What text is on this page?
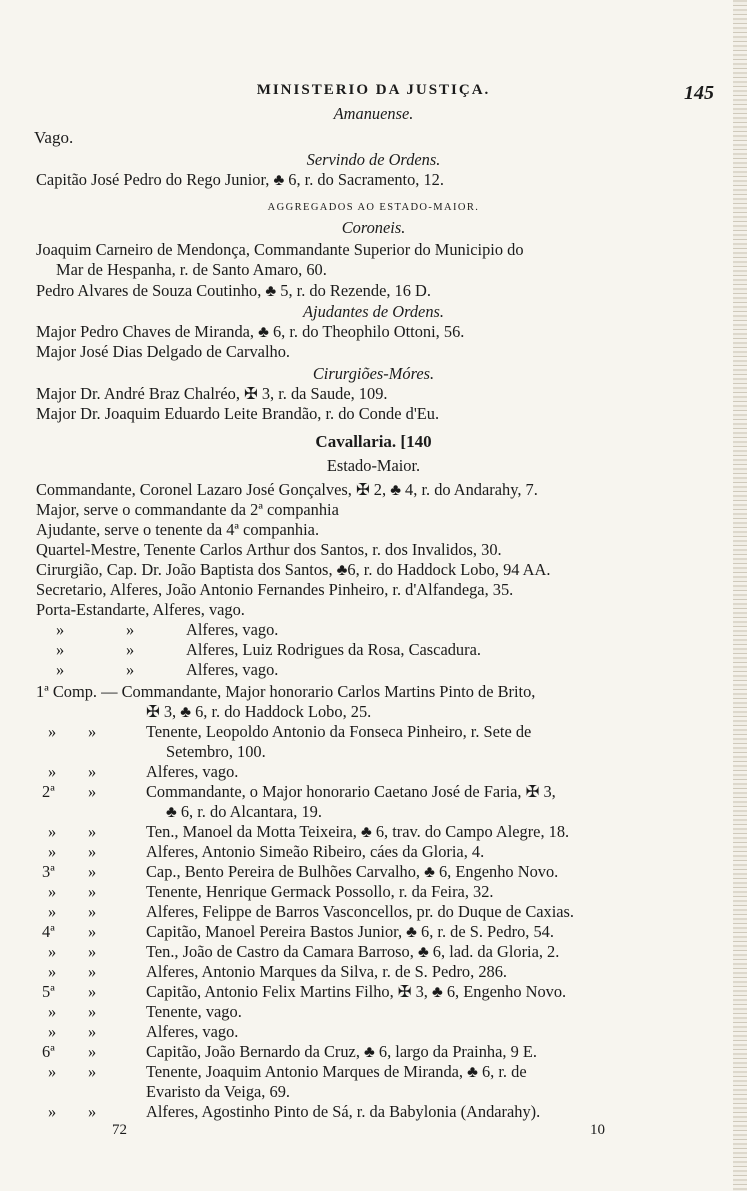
MINISTERIO DA JUSTIÇA.	145
Amanuense.
Vago.
Servindo de Ordens.
Capitão José Pedro do Rego Junior, ♣ 6, r. do Sacramento, 12.
AGGREGADOS AO ESTADO-MAIOR.
Coroneis.
Joaquim Carneiro de Mendonça, Commandante Superior do Municipio do
Mar de Hespanha, r. de Santo Amaro, 60.
Pedro Alvares de Souza Coutinho, ♣ 5, r. do Rezende, 16 D.
Ajudantes de Ordens.
Major Pedro Chaves de Miranda, ♣ 6, r. do Theophilo Ottoni, 56.
Major José Dias Delgado de Carvalho.
Cirurgiões-Móres.
Major Dr. André Braz Chalréo, ✠ 3, r. da Saude, 109.
Major Dr. Joaquim Eduardo Leite Brandão, r. do Conde d'Eu.
Cavallaria. [140
Estado-Maior.
Commandante, Coronel Lazaro José Gonçalves, ✠ 2, ♣ 4, r. do Andarahy, 7.
Major, serve o commandante da 2ª companhia
Ajudante, serve o tenente da 4ª companhia.
Quartel-Mestre, Tenente Carlos Arthur dos Santos, r. dos Invalidos, 30.
Cirurgião, Cap. Dr. João Baptista dos Santos, ♣6, r. do Haddock Lobo, 94 AA.
Secretario, Alferes, João Antonio Fernandes Pinheiro, r. d'Alfandega, 35.
Porta-Estandarte, Alferes, vago.
»	»	Alferes, vago.
»	»	Alferes, Luiz Rodrigues da Rosa, Cascadura.
»	»	Alferes, vago.
1ª Comp. — Commandante, Major honorario Carlos Martins Pinto de Brito,
✠ 3, ♣ 6, r. do Haddock Lobo, 25.
» »	Tenente, Leopoldo Antonio da Fonseca Pinheiro, r. Sete de
Setembro, 100.
» »	Alferes, vago.
2ª »	Commandante, o Major honorario Caetano José de Faria, ✠ 3,
♣ 6, r. do Alcantara, 19.
» »	Ten., Manoel da Motta Teixeira, ♣ 6, trav. do Campo Alegre, 18.
» »	Alferes, Antonio Simeão Ribeiro, cáes da Gloria, 4.
3ª »	Cap., Bento Pereira de Bulhões Carvalho, ♣ 6, Engenho Novo.
» »	Tenente, Henrique Germack Possollo, r. da Feira, 32.
» »	Alferes, Felippe de Barros Vasconcellos, pr. do Duque de Caxias.
4ª »	Capitão, Manoel Pereira Bastos Junior, ♣ 6, r. de S. Pedro, 54.
» »	Ten., João de Castro da Camara Barroso, ♣ 6, lad. da Gloria, 2.
» »	Alferes, Antonio Marques da Silva, r. de S. Pedro, 286.
5ª »	Capitão, Antonio Felix Martins Filho, ✠ 3, ♣ 6, Engenho Novo.
» »	Tenente, vago.
» »	Alferes, vago.
6ª »	Capitão, João Bernardo da Cruz, ♣ 6, largo da Prainha, 9 E.
» »	Tenente, Joaquim Antonio Marques de Miranda, ♣ 6, r. de
Evaristo da Veiga, 69.
» »	Alferes, Agostinho Pinto de Sá, r. da Babylonia (Andarahy).
72	10
